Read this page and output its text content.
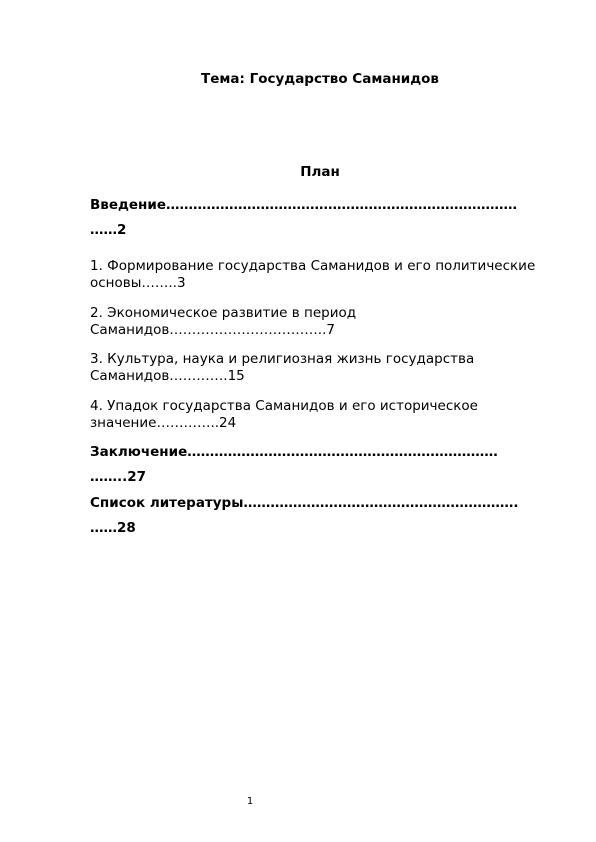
Тема: Государство Саманидов
План
Введение……………………………………………………………………
……2
1. Формирование государства Саманидов и его политические
основы……..3
2. Экономическое развитие в период
Саманидов……………………………..7
3. Культура, наука и религиозная жизнь государства
Саманидов………….15
4. Упадок государства Саманидов и его историческое
значение…………..24
Заключение……………………………………………………………
……..27
Список литературы…………………………………………………….
……28
1
